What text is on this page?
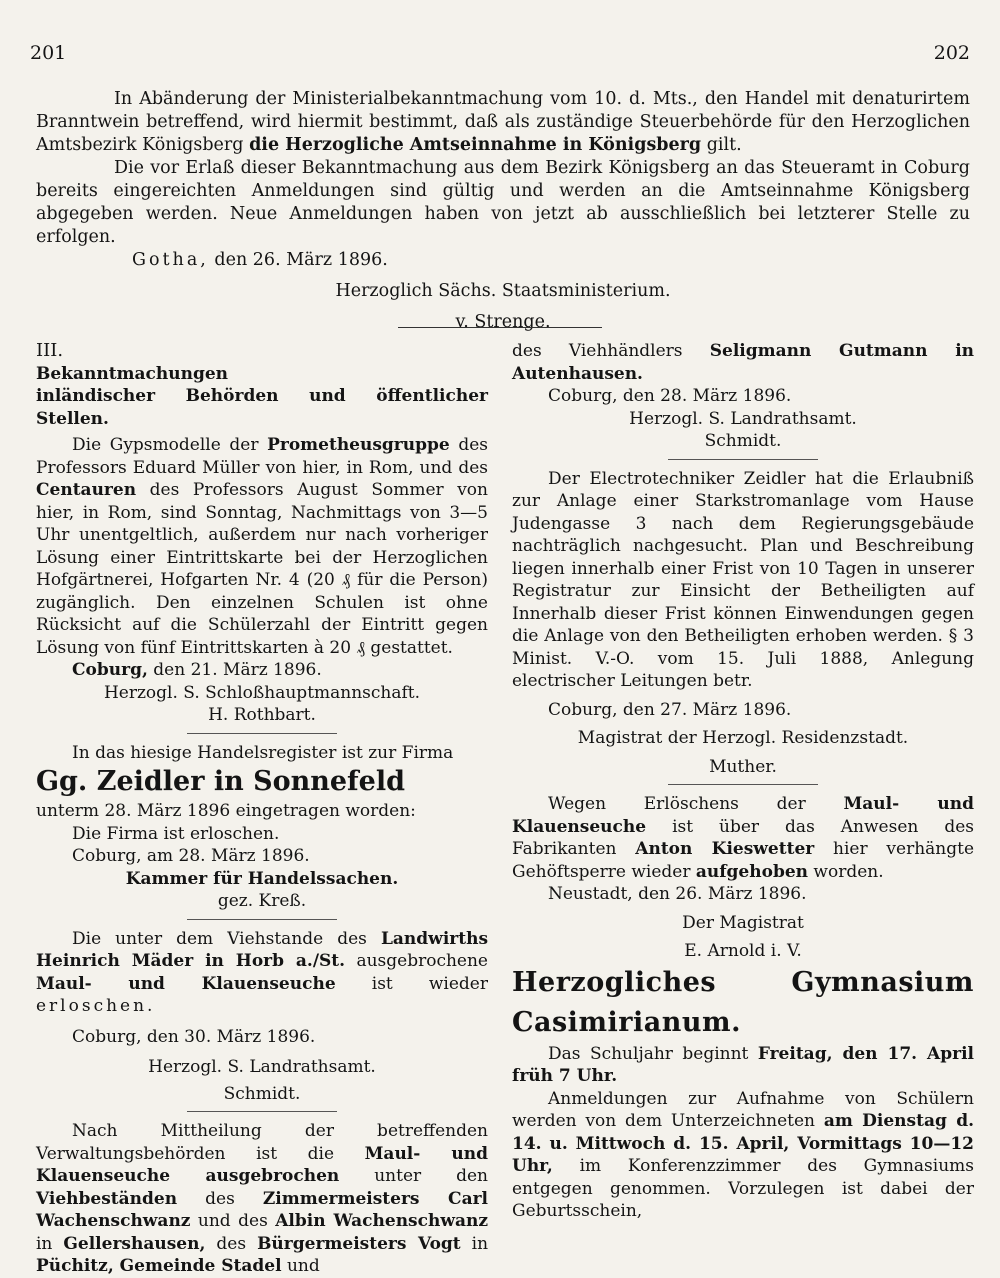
201	202

In Abänderung der Ministerialbekanntmachung vom 10. d. Mts., den Handel mit denaturirtem Branntwein betreffend, wird hiermit bestimmt, daß als zuständige Steuerbehörde für den Herzoglichen Amtsbezirk Königsberg die Herzogliche Amtseinnahme in Königsberg gilt.

Die vor Erlaß dieser Bekanntmachung aus dem Bezirk Königsberg an das Steueramt in Coburg bereits eingereichten Anmeldungen sind gültig und werden an die Amtseinnahme Königsberg abgegeben werden. Neue Anmeldungen haben von jetzt ab ausschließlich bei letzterer Stelle zu erfolgen.

Gotha, den 26. März 1896.

Herzoglich Sächs. Staatsministerium.

v. Strenge.

III.

Bekanntmachungen

inländischer Behörden und öffentlicher Stellen.

Die Gypsmodelle der Prometheusgruppe des Professors Eduard Müller von hier, in Rom, und des Centauren des Professors August Sommer von hier, in Rom, sind Sonntag, Nachmittags von 3—5 Uhr unentgeltlich, außerdem nur nach vorheriger Lösung einer Eintrittskarte bei der Herzoglichen Hofgärtnerei, Hofgarten Nr. 4 (20 ₰ für die Person) zugänglich. Den einzelnen Schulen ist ohne Rücksicht auf die Schülerzahl der Eintritt gegen Lösung von fünf Eintrittskarten à 20 ₰ gestattet.

Coburg, den 21. März 1896.

Herzogl. S. Schloßhauptmannschaft.

H. Rothbart.

In das hiesige Handelsregister ist zur Firma

Gg. Zeidler in Sonnefeld

unterm 28. März 1896 eingetragen worden:

Die Firma ist erloschen.

Coburg, am 28. März 1896.

Kammer für Handelssachen.

gez. Kreß.

Die unter dem Viehstande des Landwirths Heinrich Mäder in Horb a./St. ausgebrochene Maul- und Klauenseuche ist wieder erloschen.

Coburg, den 30. März 1896.

Herzogl. S. Landrathsamt.

Schmidt.

Nach Mittheilung der betreffenden Verwaltungsbehörden ist die Maul- und Klauenseuche ausgebrochen unter den Viehbeständen des Zimmermeisters Carl Wachenschwanz und des Albin Wachenschwanz in Gellershausen, des Bürgermeisters Vogt in Püchitz, Gemeinde Stadel und

des Viehhändlers Seligmann Gutmann in Autenhausen.

Coburg, den 28. März 1896.

Herzogl. S. Landrathsamt.

Schmidt.

Der Electrotechniker Zeidler hat die Erlaubniß zur Anlage einer Starkstromanlage vom Hause Judengasse 3 nach dem Regierungsgebäude nachträglich nachgesucht. Plan und Beschreibung liegen innerhalb einer Frist von 10 Tagen in unserer Registratur zur Einsicht der Betheiligten auf Innerhalb dieser Frist können Einwendungen gegen die Anlage von den Betheiligten erhoben werden. § 3 Minist. V.-O. vom 15. Juli 1888, Anlegung electrischer Leitungen betr.

Coburg, den 27. März 1896.

Magistrat der Herzogl. Residenzstadt.

Muther.

Wegen Erlöschens der Maul- und Klauenseuche ist über das Anwesen des Fabrikanten Anton Kieswetter hier verhängte Gehöftsperre wieder aufgehoben worden.

Neustadt, den 26. März 1896.

Der Magistrat

E. Arnold i. V.

Herzogliches Gymnasium Casimirianum.

Das Schuljahr beginnt Freitag, den 17. April früh 7 Uhr.

Anmeldungen zur Aufnahme von Schülern werden von dem Unterzeichneten am Dienstag d. 14. u. Mittwoch d. 15. April, Vormittags 10—12 Uhr, im Konferenzzimmer des Gymnasiums entgegen genommen. Vorzulegen ist dabei der Geburtsschein,
